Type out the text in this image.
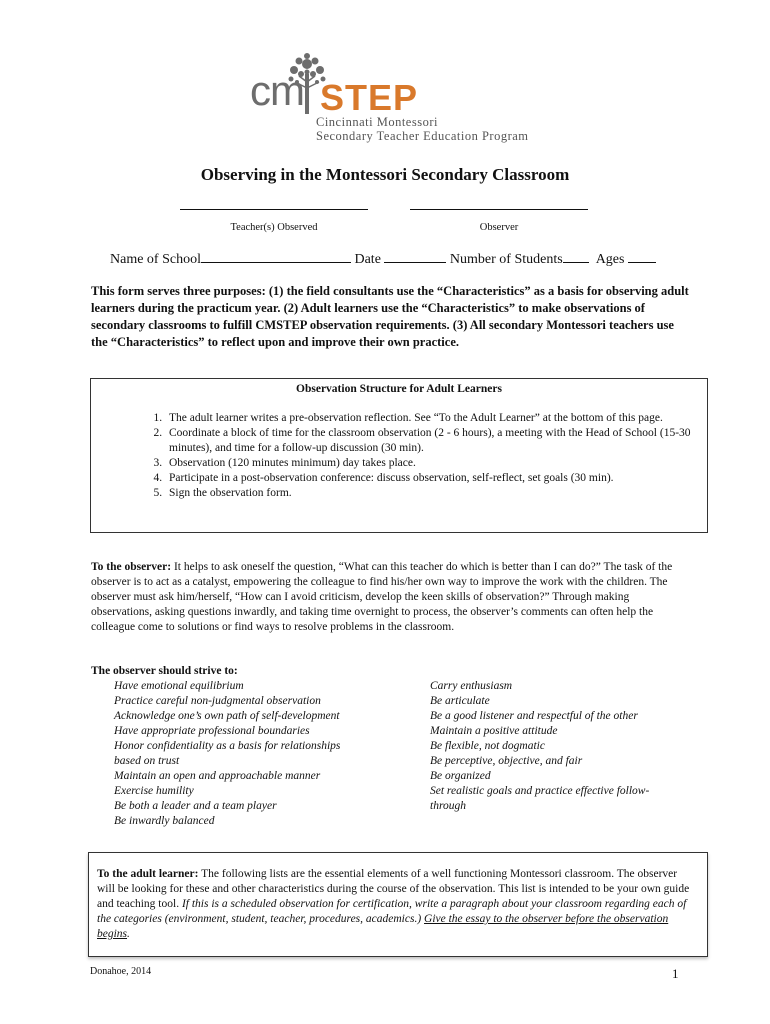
cm STEP
Cincinnati Montessori
Secondary Teacher Education Program
Observing in the Montessori Secondary Classroom
Teacher(s) Observed	Observer
Name of School	Date	Number of Students Ages
This form serves three purposes: (1) the field consultants use the “Characteristics” as a basis for observing adult learners during the practicum year. (2) Adult learners use the “Characteristics” to make observations of secondary classrooms to fulfill CMSTEP observation requirements. (3) All secondary Montessori teachers use the “Characteristics” to reflect upon and improve their own practice.
Observation Structure for Adult Learners
1. The adult learner writes a pre-observation reflection. See “To the Adult Learner” at the bottom of this page.
2. Coordinate a block of time for the classroom observation (2 - 6 hours), a meeting with the Head of School (15-30 minutes), and time for a follow-up discussion (30 min).
3. Observation (120 minutes minimum) day takes place.
4. Participate in a post-observation conference: discuss observation, self-reflect, set goals (30 min).
5. Sign the observation form.
To the observer: It helps to ask oneself the question, “What can this teacher do which is better than I can do?” The task of the observer is to act as a catalyst, empowering the colleague to find his/her own way to improve the work with the children. The observer must ask him/herself, “How can I avoid criticism, develop the keen skills of observation?” Through making observations, asking questions inwardly, and taking time overnight to process, the observer’s comments can often help the colleague come to solutions or find ways to resolve problems in the classroom.
The observer should strive to:
Have emotional equilibrium
Practice careful non-judgmental observation
Acknowledge one’s own path of self-development
Have appropriate professional boundaries
Honor confidentiality as a basis for relationships
based on trust
Maintain an open and approachable manner
Exercise humility
Be both a leader and a team player
Be inwardly balanced
Carry enthusiasm
Be articulate
Be a good listener and respectful of the other
Maintain a positive attitude
Be flexible, not dogmatic
Be perceptive, objective, and fair
Be organized
Set realistic goals and practice effective follow-
through
To the adult learner: The following lists are the essential elements of a well functioning Montessori classroom. The observer will be looking for these and other characteristics during the course of the observation. This list is intended to be your own guide and teaching tool. If this is a scheduled observation for certification, write a paragraph about your classroom regarding each of the categories (environment, student, teacher, procedures, academics.) Give the essay to the observer before the observation begins.
Donahoe, 2014	1
